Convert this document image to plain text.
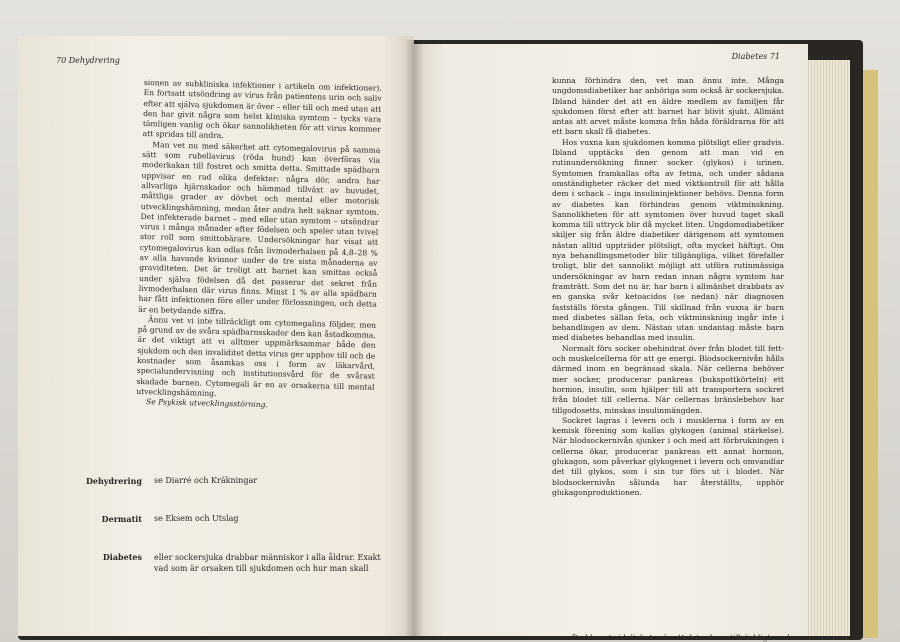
70 Dehydrering

sionen av subkliniska infektioner i artikeln om infektioner). En fortsatt utsöndring av virus från patientens urin och saliv efter att själva sjukdomen är över – eller till och med utan att den har givit några som helst kliniska symtom – tycks vara tämligen vanlig och ökar sannolikheten för att virus kommer att spridas till andra.

Man vet nu med säkerhet att cytomegalovirus på samma sätt som rubellavirus (röda hund) kan överföras via moderkakan till fostret och smitta detta. Smittade spädbarn uppvisar en rad olika defekter: några dör, andra har allvarliga hjärnskador och hämmad tillväxt av huvudet, måttliga grader av dövhet och mental eller motorisk utvecklingshämning, medan åter andra helt saknar symtom. Det infekterade barnet – med eller utan symtom – utsöndrar virus i många månader efter födelsen och speler utan tvivel stor roll som smittobärare. Undersökningar har visat att cytomegalovirus kan odlas från livmoderhalsen på 4,8–28 % av alla havande kvinnor under de tre sista månaderna av graviditeten. Det är troligt att barnet kan smittas också under själva födelsen då det passerar det sekret från livmoderhalsen där virus finns. Minst 1 % av alla spädbarn har fått infektionen före eller under förlossningen, och detta är en betydande siffra.

Ännu vet vi inte tillräckligt om cytomegalins följder, men på grund av de svåra spädbarnsskador den kan åstadkomma, är det viktigt att vi alltmer uppmärksammar både den sjukdom och den invaliditet detta virus ger upphov till och de kostnader som åsamkas oss i form av läkarvård, specialundervisning och institutionsvård för de svårast skadade barnen. Cytomegali är en av orsakerna till mental utvecklingshämning.

Se Psykisk utvecklingsstörning.

Dehydrering se Diarré och Kräkningar
Dermatit se Eksem och Utslag
Diabetes eller sockersjuka drabbar människor i alla åldrar. Exakt vad som är orsaken till sjukdomen och hur man skall
Diabetes 71

kunna förhindra den, vet man ännu inte. Många ungdomsdiabetiker har anhöriga som också är sockersjuka. Ibland händer det att en äldre medlem av familjen får sjukdomen först efter att barnet har blivit sjukt. Allmänt antas att arvet måste komma från båda föräldrarna för att ett barn skall få diabetes.

Hos vuxna kan sjukdomen komma plötsligt eller gradvis. Ibland upptäcks den genom att man vid en rutinundersökning finner socker (glykos) i urinen. Symtomen framkallas ofta av fetma, och under sådana omständigheter räcker det med viktkontroll för att hålla dem i schack – inga insulininjektioner behövs. Denna form av diabetes kan förhindras genom viktminskning. Sannolikheten för att symtomen över huvud taget skall komma till uttryck blir då mycket liten. Ungdomsdiabetiker skiljer sig från äldre diabetiker därigenom att symtomen nästan alltid uppträder plötsligt, ofta mycket häftigt. Om nya behandlingsmetoder blir tillgängliga, vilket förefaller troligt, blir det sannolikt möjligt att utföra rutinmässiga undersökningar av barn redan innan några symtom har framträtt. Som det nu är, har barn i allmänhet drabbats av en ganska svår ketoacidos (se nedan) när diagnosen fastställs första gången. Till skillnad från vuxna är barn med diabetes sällan feta, och viktminskning ingår inte i behandlingen av dem. Nästan utan undantag måste barn med diabetes behandlas med insulin.

Normalt förs socker obehindrat över från blodet till fett- och muskelcellerna för att ge energi. Blodsockernivån hålls därmed inom en begränsad skala. När cellerna behöver mer socker, producerar pankreas (bukspottkörteln) ett hormon, insulin, som hjälper till att transportera sockret från blodet till cellerna. När cellernas bränslebehov har tillgodosetts, minskas insulinmängden.

Sockret lagras i levern och i musklerna i form av en kemisk förening som kallas glykogen (animal stärkelse). När blodsockernivån sjunker i och med att förbrukningen i cellerna ökar, producerar pankreas ett annat hormon, glukagon, som påverkar glykogenet i levern och omvandlar det till glykos, som i sin tur förs ut i blodet. När blodsockernivån sålunda har återställts, upphör glukagonproduktionen.

Problemet vid diabetes är att det saknas tillräckligt med
